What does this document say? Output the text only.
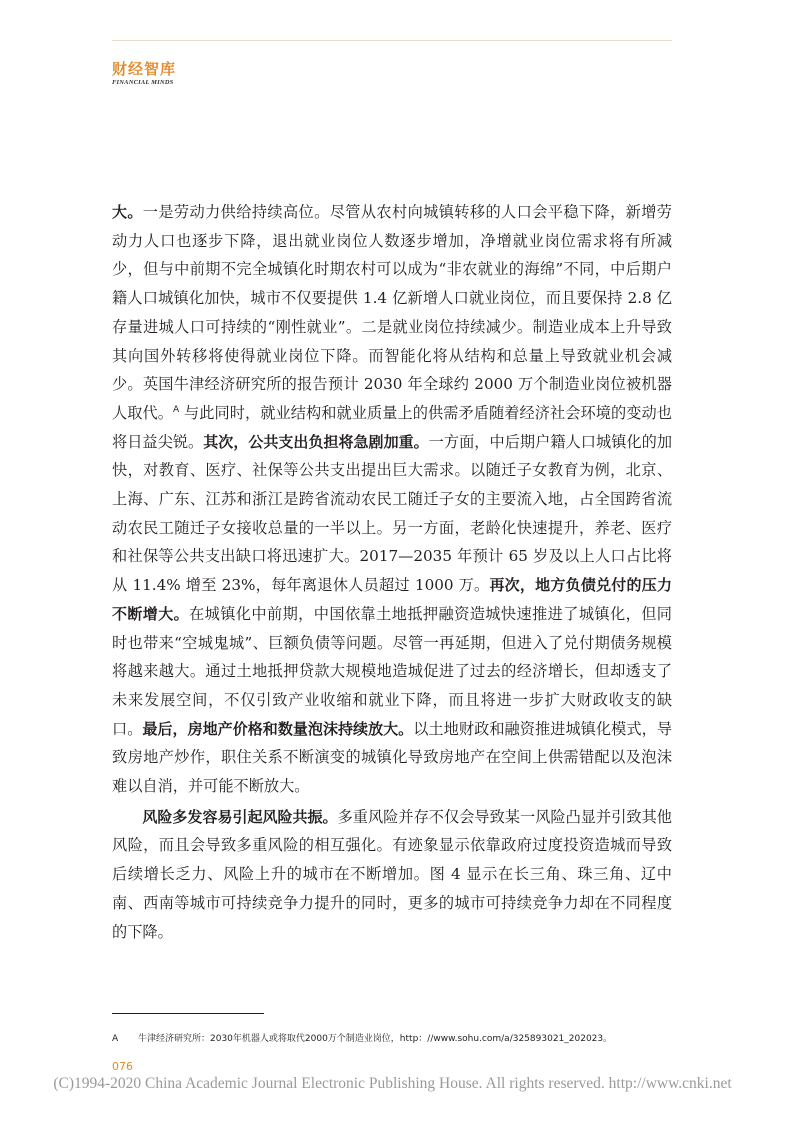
财经智库
FINANCIAL MINDS

大。一是劳动力供给持续高位。尽管从农村向城镇转移的人口会平稳下降，新增劳动力人口也逐步下降，退出就业岗位人数逐步增加，净增就业岗位需求将有所减少，但与中前期不完全城镇化时期农村可以成为“非农就业的海绵”不同，中后期户籍人口城镇化加快，城市不仅要提供 1.4 亿新增人口就业岗位，而且要保持 2.8 亿存量进城人口可持续的“刚性就业”。二是就业岗位持续减少。制造业成本上升导致其向国外转移将使得就业岗位下降。而智能化将从结构和总量上导致就业机会减少。英国牛津经济研究所的报告预计 2030 年全球约 2000 万个制造业岗位被机器人取代。$^A$ 与此同时，就业结构和就业质量上的供需矛盾随着经济社会环境的变动也将日益尖锐。其次，公共支出负担将急剧加重。一方面，中后期户籍人口城镇化的加快，对教育、医疗、社保等公共支出提出巨大需求。以随迁子女教育为例，北京、上海、广东、江苏和浙江是跨省流动农民工随迁子女的主要流入地，占全国跨省流动农民工随迁子女接收总量的一半以上。另一方面，老龄化快速提升，养老、医疗和社保等公共支出缺口将迅速扩大。2017—2035 年预计 65 岁及以上人口占比将从 11.4% 增至 23%，每年离退休人员超过 1000 万。再次，地方负债兑付的压力不断增大。在城镇化中前期，中国依靠土地抵押融资造城快速推进了城镇化，但同时也带来“空城鬼城”、巨额负债等问题。尽管一再延期，但进入了兑付期债务规模将越来越大。通过土地抵押贷款大规模地造城促进了过去的经济增长，但却透支了未来发展空间，不仅引致产业收缩和就业下降，而且将进一步扩大财政收支的缺口。最后，房地产价格和数量泡沫持续放大。以土地财政和融资推进城镇化模式，导致房地产炒作，职住关系不断演变的城镇化导致房地产在空间上供需错配以及泡沫难以自消，并可能不断放大。

风险多发容易引起风险共振。多重风险并存不仅会导致某一风险凸显并引致其他风险，而且会导致多重风险的相互强化。有迹象显示依靠政府过度投资造城而导致后续增长乏力、风险上升的城市在不断增加。图 4 显示在长三角、珠三角、辽中南、西南等城市可持续竞争力提升的同时，更多的城市可持续竞争力却在不同程度的下降。

A 牛津经济研究所：2030年机器人或将取代2000万个制造业岗位，http：//www.sohu.com/a/325893021_202023。
076
(C)1994-2020 China Academic Journal Electronic Publishing House. All rights reserved. http://www.cnki.net
